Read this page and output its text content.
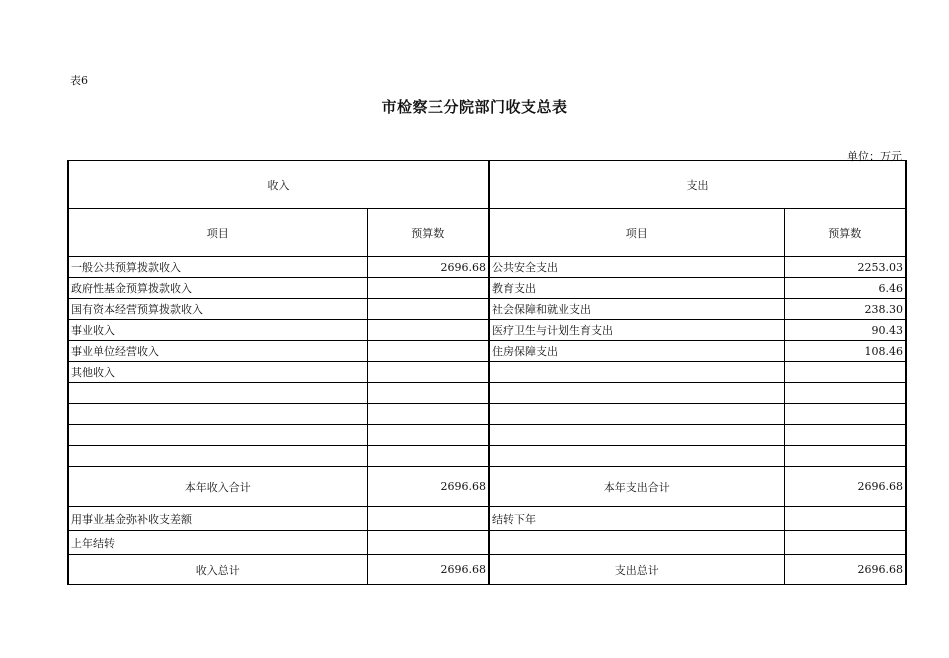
表6
市检察三分院部门收支总表
单位：万元
收入		支出	
项目	预算数	项目	预算数
一般公共预算拨款收入	2696.68	公共安全支出	2253.03
政府性基金预算拨款收入		教育支出	6.46
国有资本经营预算拨款收入		社会保障和就业支出	238.30
事业收入		医疗卫生与计划生育支出	90.43
事业单位经营收入		住房保障支出	108.46
其他收入			

本年收入合计	2696.68	本年支出合计	2696.68
用事业基金弥补收支差额		结转下年	
上年结转			
收入总计	2696.68	支出总计	2696.68
